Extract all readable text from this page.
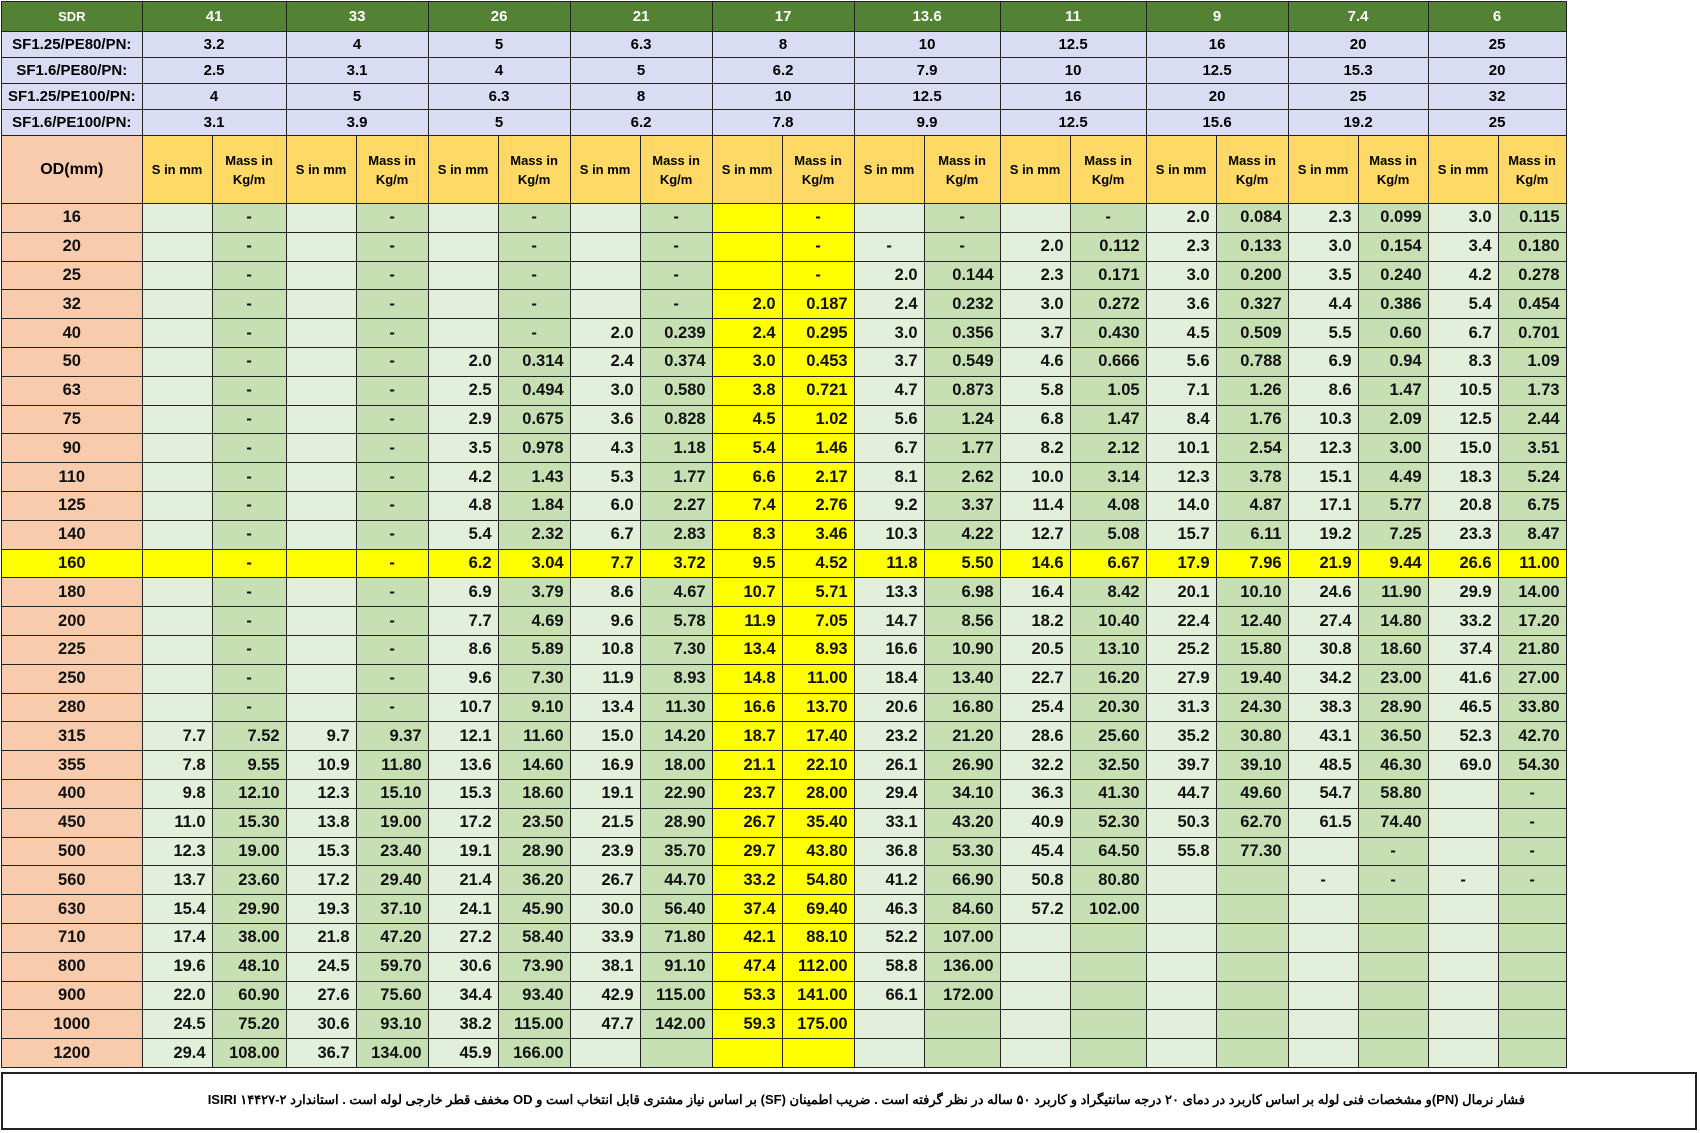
SDR	41		33		26		21		17		13.6		11		9		7.4		6	
SF1.25/PE80/PN:	3.2		4		5		6.3		8		10		12.5		16		20		25	
SF1.6/PE80/PN:	2.5		3.1		4		5		6.2		7.9		10		12.5		15.3		20	
SF1.25/PE100/PN:	4		5		6.3		8		10		12.5		16		20		25		32	
SF1.6/PE100/PN:	3.1		3.9		5		6.2		7.8		9.9		12.5		15.6		19.2		25	
OD(mm)	S in mm	Mass in Kg/m	S in mm	Mass in Kg/m	S in mm	Mass in Kg/m	S in mm	Mass in Kg/m	S in mm	Mass in Kg/m	S in mm	Mass in Kg/m	S in mm	Mass in Kg/m	S in mm	Mass in Kg/m	S in mm	Mass in Kg/m	S in mm	Mass in Kg/m
16		-		-		-		-		-		-		-	2.0	0.084	2.3	0.099	3.0	0.115
20		-		-		-		-		-	-	-	2.0	0.112	2.3	0.133	3.0	0.154	3.4	0.180
25		-		-		-		-		-	2.0	0.144	2.3	0.171	3.0	0.200	3.5	0.240	4.2	0.278
32		-		-		-		-	2.0	0.187	2.4	0.232	3.0	0.272	3.6	0.327	4.4	0.386	5.4	0.454
40		-		-		-	2.0	0.239	2.4	0.295	3.0	0.356	3.7	0.430	4.5	0.509	5.5	0.60	6.7	0.701
50		-		-	2.0	0.314	2.4	0.374	3.0	0.453	3.7	0.549	4.6	0.666	5.6	0.788	6.9	0.94	8.3	1.09
63		-		-	2.5	0.494	3.0	0.580	3.8	0.721	4.7	0.873	5.8	1.05	7.1	1.26	8.6	1.47	10.5	1.73
75		-		-	2.9	0.675	3.6	0.828	4.5	1.02	5.6	1.24	6.8	1.47	8.4	1.76	10.3	2.09	12.5	2.44
90		-		-	3.5	0.978	4.3	1.18	5.4	1.46	6.7	1.77	8.2	2.12	10.1	2.54	12.3	3.00	15.0	3.51
110		-		-	4.2	1.43	5.3	1.77	6.6	2.17	8.1	2.62	10.0	3.14	12.3	3.78	15.1	4.49	18.3	5.24
125		-		-	4.8	1.84	6.0	2.27	7.4	2.76	9.2	3.37	11.4	4.08	14.0	4.87	17.1	5.77	20.8	6.75
140		-		-	5.4	2.32	6.7	2.83	8.3	3.46	10.3	4.22	12.7	5.08	15.7	6.11	19.2	7.25	23.3	8.47
160		-		-	6.2	3.04	7.7	3.72	9.5	4.52	11.8	5.50	14.6	6.67	17.9	7.96	21.9	9.44	26.6	11.00
180		-		-	6.9	3.79	8.6	4.67	10.7	5.71	13.3	6.98	16.4	8.42	20.1	10.10	24.6	11.90	29.9	14.00
200		-		-	7.7	4.69	9.6	5.78	11.9	7.05	14.7	8.56	18.2	10.40	22.4	12.40	27.4	14.80	33.2	17.20
225		-		-	8.6	5.89	10.8	7.30	13.4	8.93	16.6	10.90	20.5	13.10	25.2	15.80	30.8	18.60	37.4	21.80
250		-		-	9.6	7.30	11.9	8.93	14.8	11.00	18.4	13.40	22.7	16.20	27.9	19.40	34.2	23.00	41.6	27.00
280		-		-	10.7	9.10	13.4	11.30	16.6	13.70	20.6	16.80	25.4	20.30	31.3	24.30	38.3	28.90	46.5	33.80
315	7.7	7.52	9.7	9.37	12.1	11.60	15.0	14.20	18.7	17.40	23.2	21.20	28.6	25.60	35.2	30.80	43.1	36.50	52.3	42.70
355	7.8	9.55	10.9	11.80	13.6	14.60	16.9	18.00	21.1	22.10	26.1	26.90	32.2	32.50	39.7	39.10	48.5	46.30	69.0	54.30
400	9.8	12.10	12.3	15.10	15.3	18.60	19.1	22.90	23.7	28.00	29.4	34.10	36.3	41.30	44.7	49.60	54.7	58.80		-
450	11.0	15.30	13.8	19.00	17.2	23.50	21.5	28.90	26.7	35.40	33.1	43.20	40.9	52.30	50.3	62.70	61.5	74.40		-
500	12.3	19.00	15.3	23.40	19.1	28.90	23.9	35.70	29.7	43.80	36.8	53.30	45.4	64.50	55.8	77.30		-		-
560	13.7	23.60	17.2	29.40	21.4	36.20	26.7	44.70	33.2	54.80	41.2	66.90	50.8	80.80			-	-	-	-
630	15.4	29.90	19.3	37.10	24.1	45.90	30.0	56.40	37.4	69.40	46.3	84.60	57.2	102.00						
710	17.4	38.00	21.8	47.20	27.2	58.40	33.9	71.80	42.1	88.10	52.2	107.00								
800	19.6	48.10	24.5	59.70	30.6	73.90	38.1	91.10	47.4	112.00	58.8	136.00								
900	22.0	60.90	27.6	75.60	34.4	93.40	42.9	115.00	53.3	141.00	66.1	172.00								
1000	24.5	75.20	30.6	93.10	38.2	115.00	47.7	142.00	59.3	175.00										
1200	29.4	108.00	36.7	134.00	45.9	166.00														
فشار نرمال (PN)و مشخصات فنی لوله بر اساس کاربرد در دمای ۲۰ درجه سانتیگراد و کاربرد ۵۰ ساله در نظر گرفته است . ضریب اطمینان (SF) بر اساس نیاز مشتری قابل انتخاب است و OD مخفف قطر خارجی لوله است . استاندارد ۲-۱۴۴۲۷ ISIRI
